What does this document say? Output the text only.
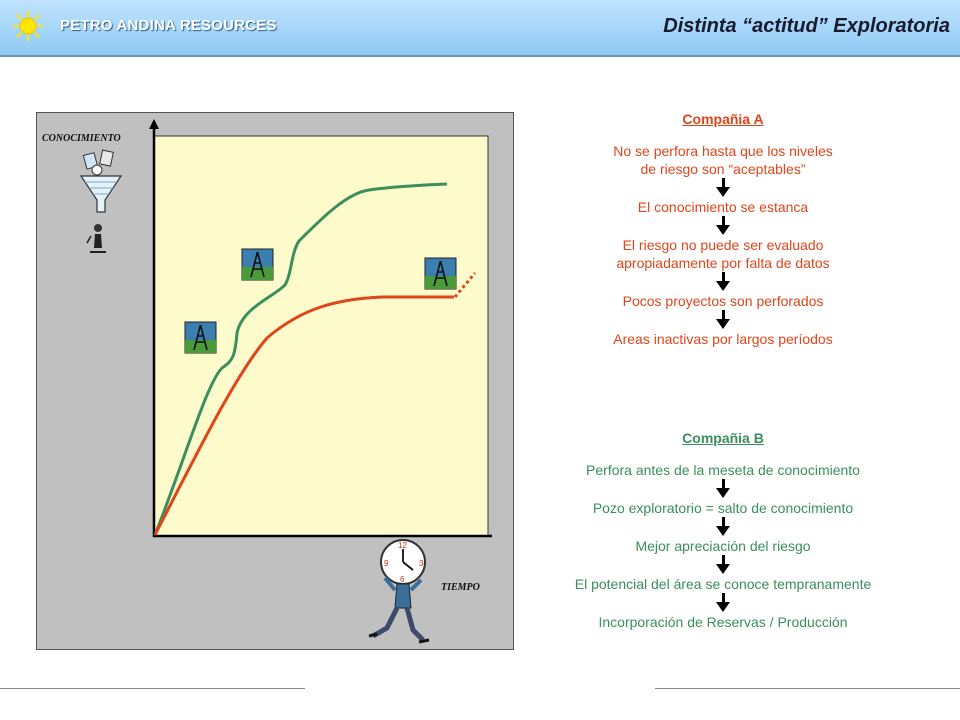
PETRO ANDINA RESOURCES	Distinta “actitud” Exploratoria
12
3
6
9
CONOCIMIENTO
TIEMPO
Compañia A
No se perfora hasta que los niveles de riesgo son “aceptables”
El conocimiento se estanca
El riesgo no puede ser evaluado apropiadamente por falta de datos
Pocos proyectos son perforados
Areas inactivas por largos períodos
Compañia B
Perfora antes de la meseta de conocimiento
Pozo exploratorio = salto de conocimiento
Mejor apreciación del riesgo
El potencial del área se conoce tempranamente
Incorporación de Reservas / Producción
